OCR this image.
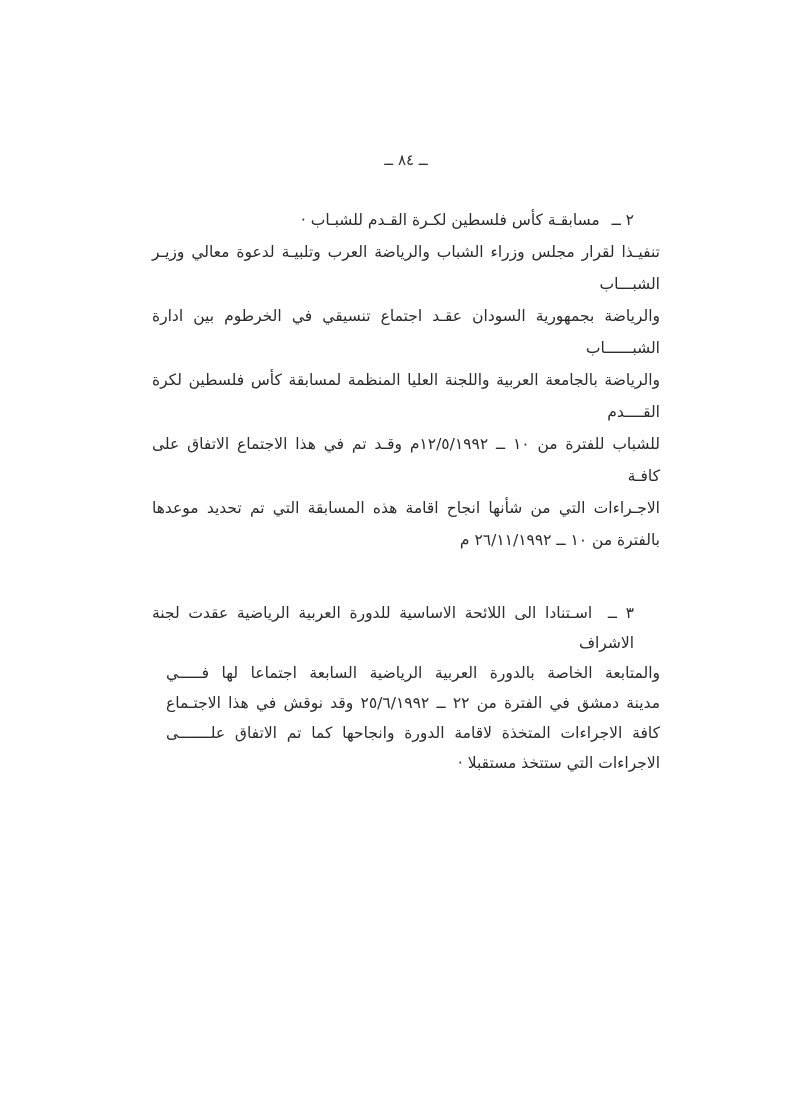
ــ ٨٤ ــ
٢ ــ مسابقـة كأس فلسطين لكـرة القـدم للشبـاب ·
تنفيـذا لقرار مجلس وزراء الشباب والرياضة العرب وتلبيـة لدعوة معالي وزيـر الشبـــاب
والرياضة بجمهورية السودان عقـد اجتماع تنسيقي في الخرطوم بين ادارة الشبــــــاب
والرياضة بالجامعة العربية واللجنة العليا المنظمة لمسابقة كأس فلسطين لكرة القــــدم
للشباب للفترة من ١٠ ــ ١٢/٥/١٩٩٢م وقـد تم في هذا الاجتماع الاتفاق على كافـة
الاجـراءات التي من شأنها انجاح اقامة هذه المسابقة التي تم تحديد موعدها
بالفترة من ١٠ ــ ٢٦/١١/١٩٩٢ م
٣ ــ اسـتنادا الى اللائحة الاساسية للدورة العربية الرياضية عقدت لجنة الاشراف
والمتابعة الخاصة بالدورة العربية الرياضية السابعة اجتماعا لها فـــــي
مدينة دمشق في الفترة من ٢٢ ــ ٢٥/٦/١٩٩٢ وقد نوقش في هذا الاجتـماع
كافة الاجراءات المتخذة لاقامة الدورة وانجاحها كما تم الاتفاق علـــــــى
الاجراءات التي ستتخذ مستقبلا ·
